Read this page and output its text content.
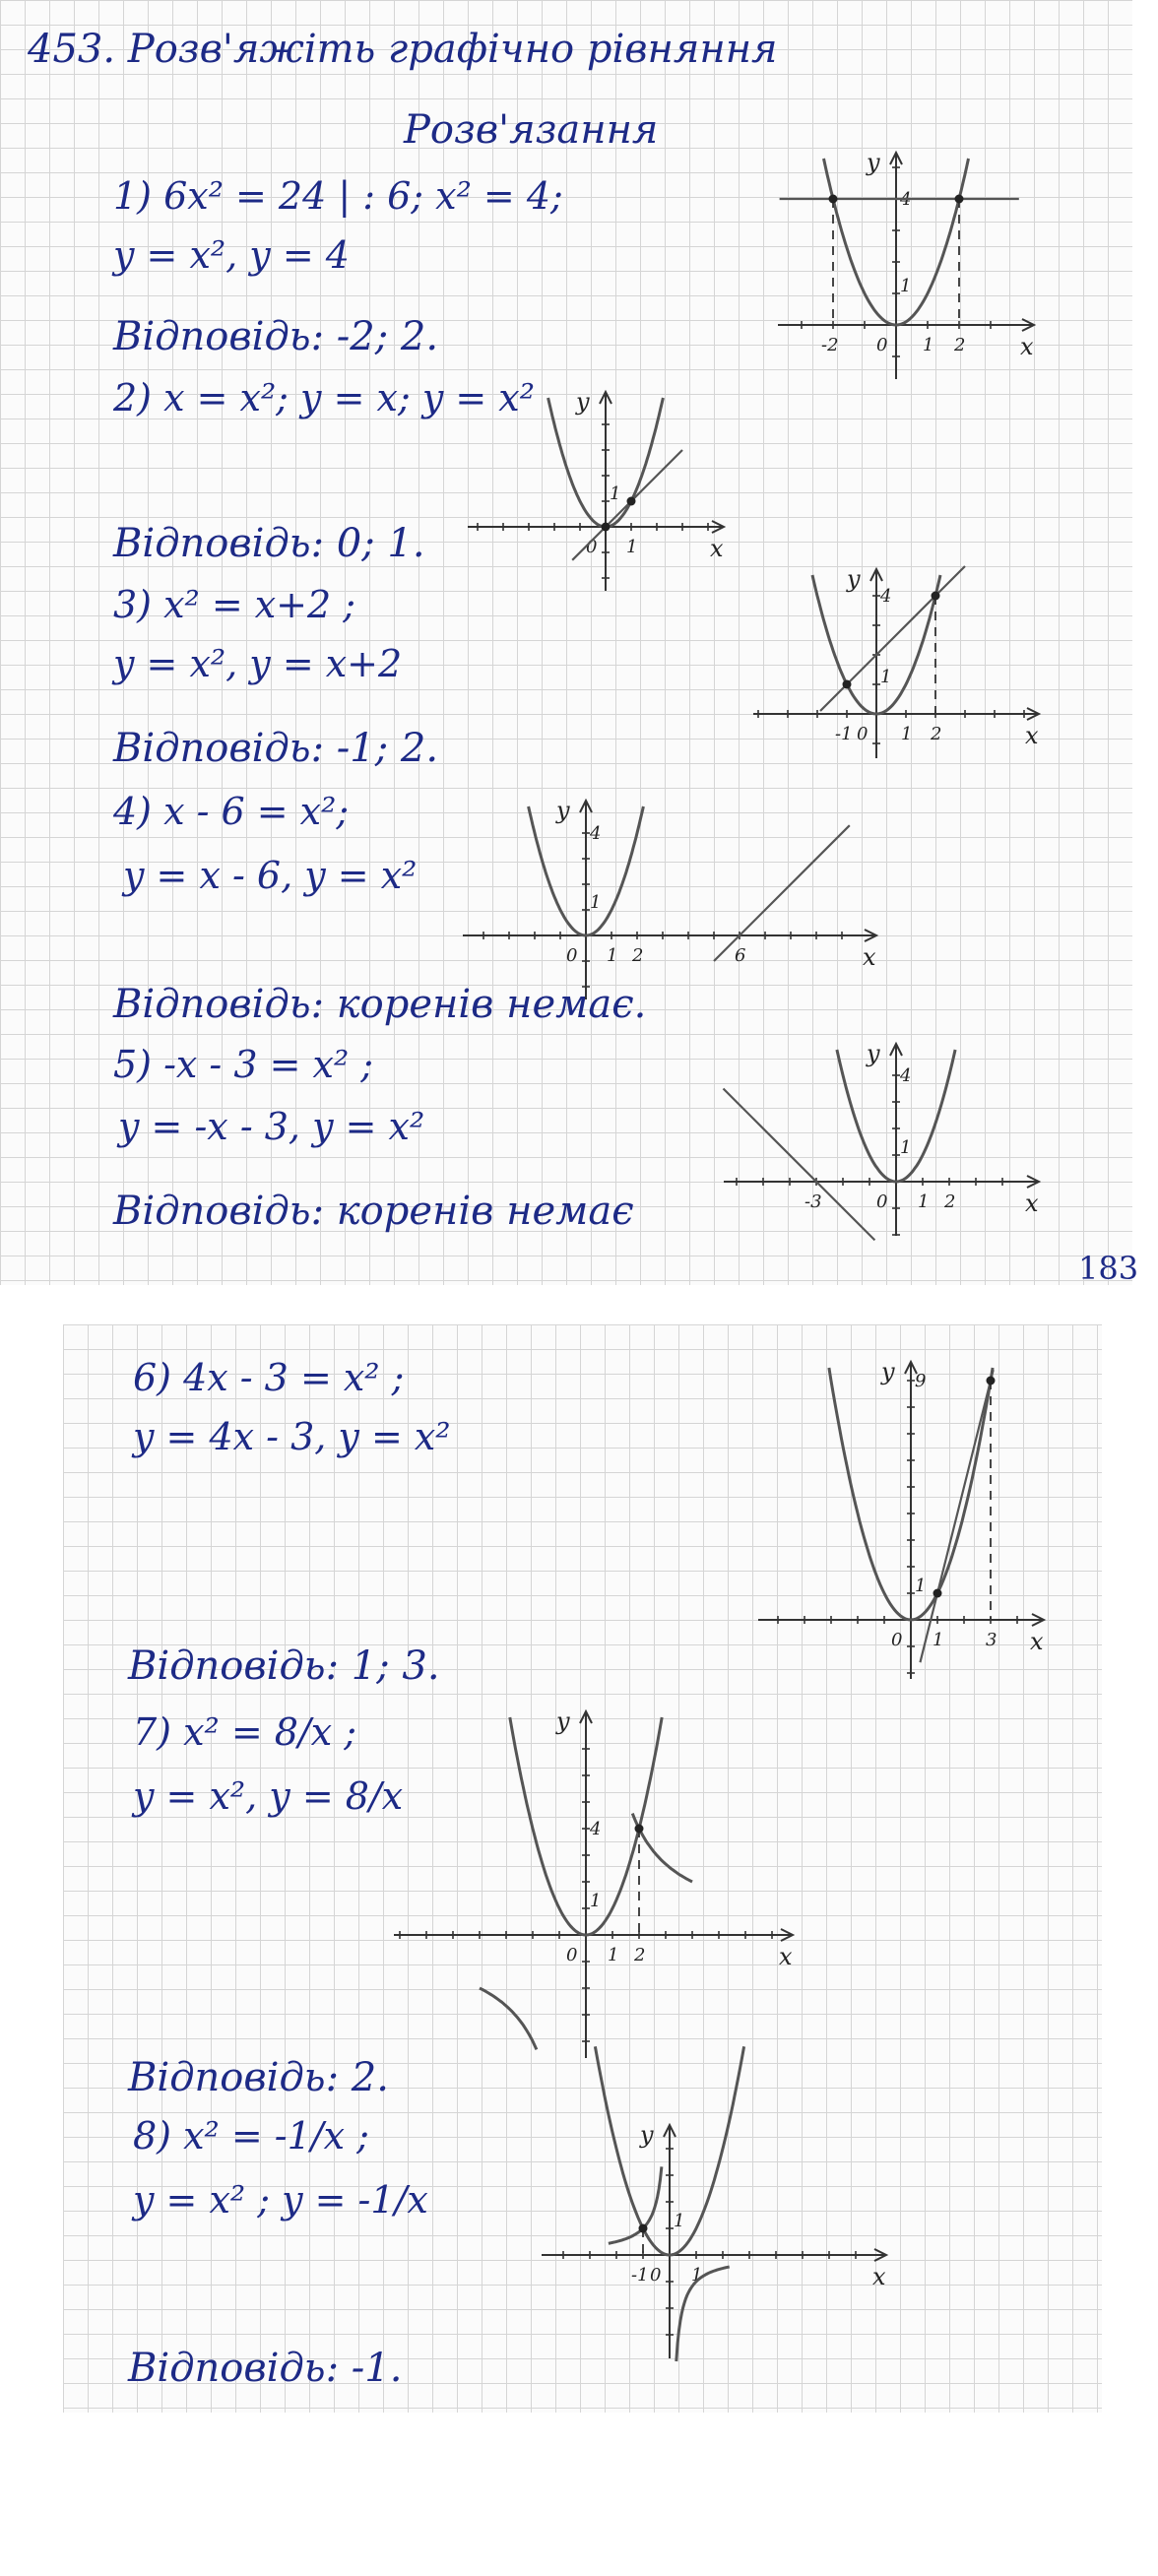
453. Розв'яжіть графічно рівняння
Розв'язання
183
1) 6x² = 24 | : 6; x² = 4;
y = x², y = 4
Відповідь: -2; 2.
2) x = x²; y = x; y = x²
Відповідь: 0; 1.
3) x² = x+2 ;
y = x², y = x+2
Відповідь: -1; 2.
4) x - 6 = x²;
y = x - 6, y = x²
Відповідь: коренів немає.
5) -x - 3 = x² ;
y = -x - 3, y = x²
Відповідь: коренів немає
6) 4x - 3 = x² ;
y = 4x - 3, y = x²
Відповідь: 1; 3.
7) x² = 8/x ;
y = x², y = 8/x
Відповідь: 2.
8) x² = -1/x ;
y = x² ; y = -1/x
Відповідь: -1.
x
y
0
-2	1 2
1
4
x
y
0 1
1
x
y
0
-1	1 2
1
4
x
y
0 1 2	6
1
4
x
y
0
-3	1 2
1
4
x
y
0 1 3
1
9
x
y
0 1 2
1
4
x
y
0
-1 1
1
